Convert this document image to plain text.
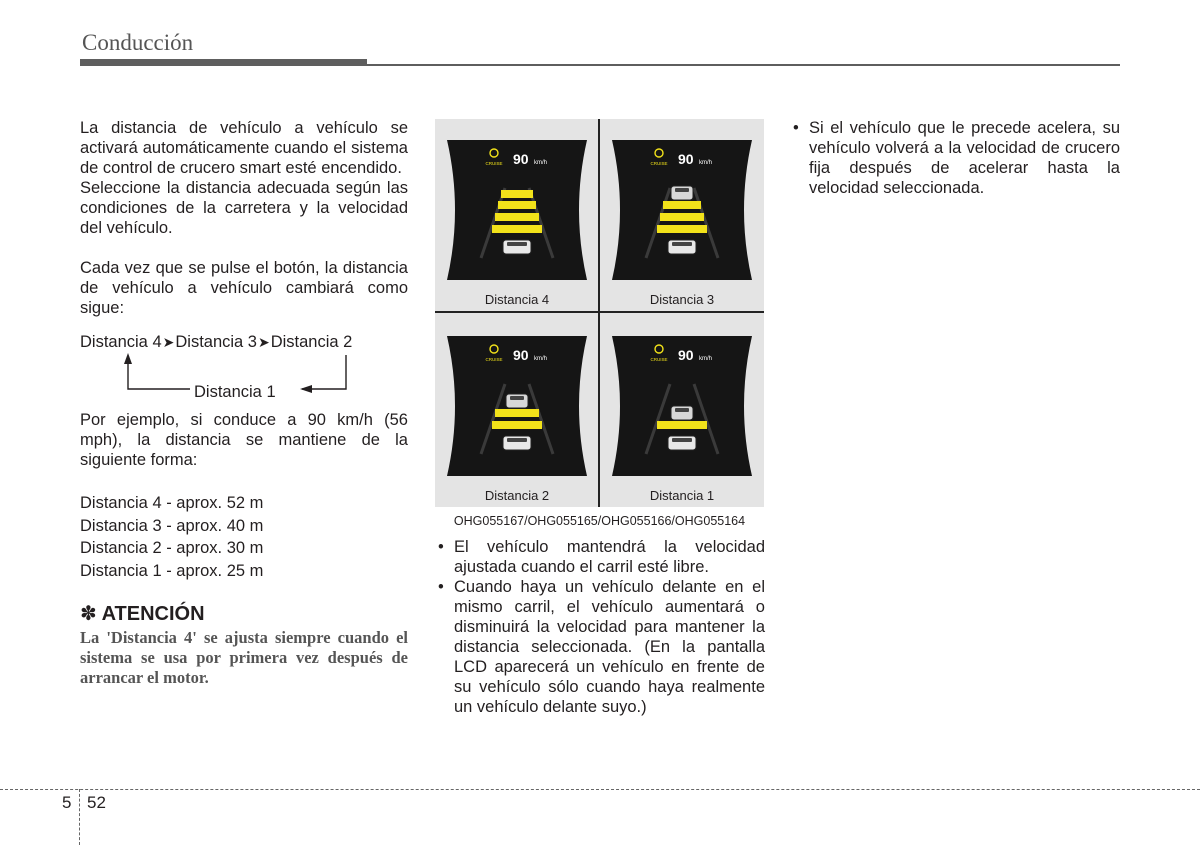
Conducción

La distancia de vehículo a vehículo se activará automáticamente cuando el sistema de control de crucero smart esté encendido.

Seleccione la distancia adecuada según las condiciones de la carretera y la velocidad del vehículo.

Cada vez que se pulse el botón, la distancia de vehículo a vehículo cambiará como sigue:

Distancia 4➤Distancia 3➤Distancia 2
Distancia 1

Por ejemplo, si conduce a 90 km/h (56 mph), la distancia se mantiene de la siguiente forma:

Distancia 4 - aprox. 52 m
Distancia 3 - aprox. 40 m
Distancia 2 - aprox. 30 m
Distancia 1 - aprox. 25 m
✽ ATENCIÓN
La 'Distancia 4' se ajusta siempre cuando el sistema se usa por primera vez después de arrancar el motor.
CRUISE 90 km/h
Distancia 4
CRUISE 90 km/h
Distancia 3
CRUISE 90 km/h
Distancia 2
CRUISE 90 km/h
Distancia 1
OHG055167/OHG055165/OHG055166/OHG055164

• El vehículo mantendrá la velocidad ajustada cuando el carril esté libre.

• Cuando haya un vehículo delante en el mismo carril, el vehículo aumentará o disminuirá la velocidad para mantener la distancia seleccionada. (En la pantalla LCD aparecerá un vehículo en frente de su vehículo sólo cuando haya realmente un vehículo delante suyo.)

• Si el vehículo que le precede acelera, su vehículo volverá a la velocidad de crucero fija después de acelerar hasta la velocidad seleccionada.

5 52
